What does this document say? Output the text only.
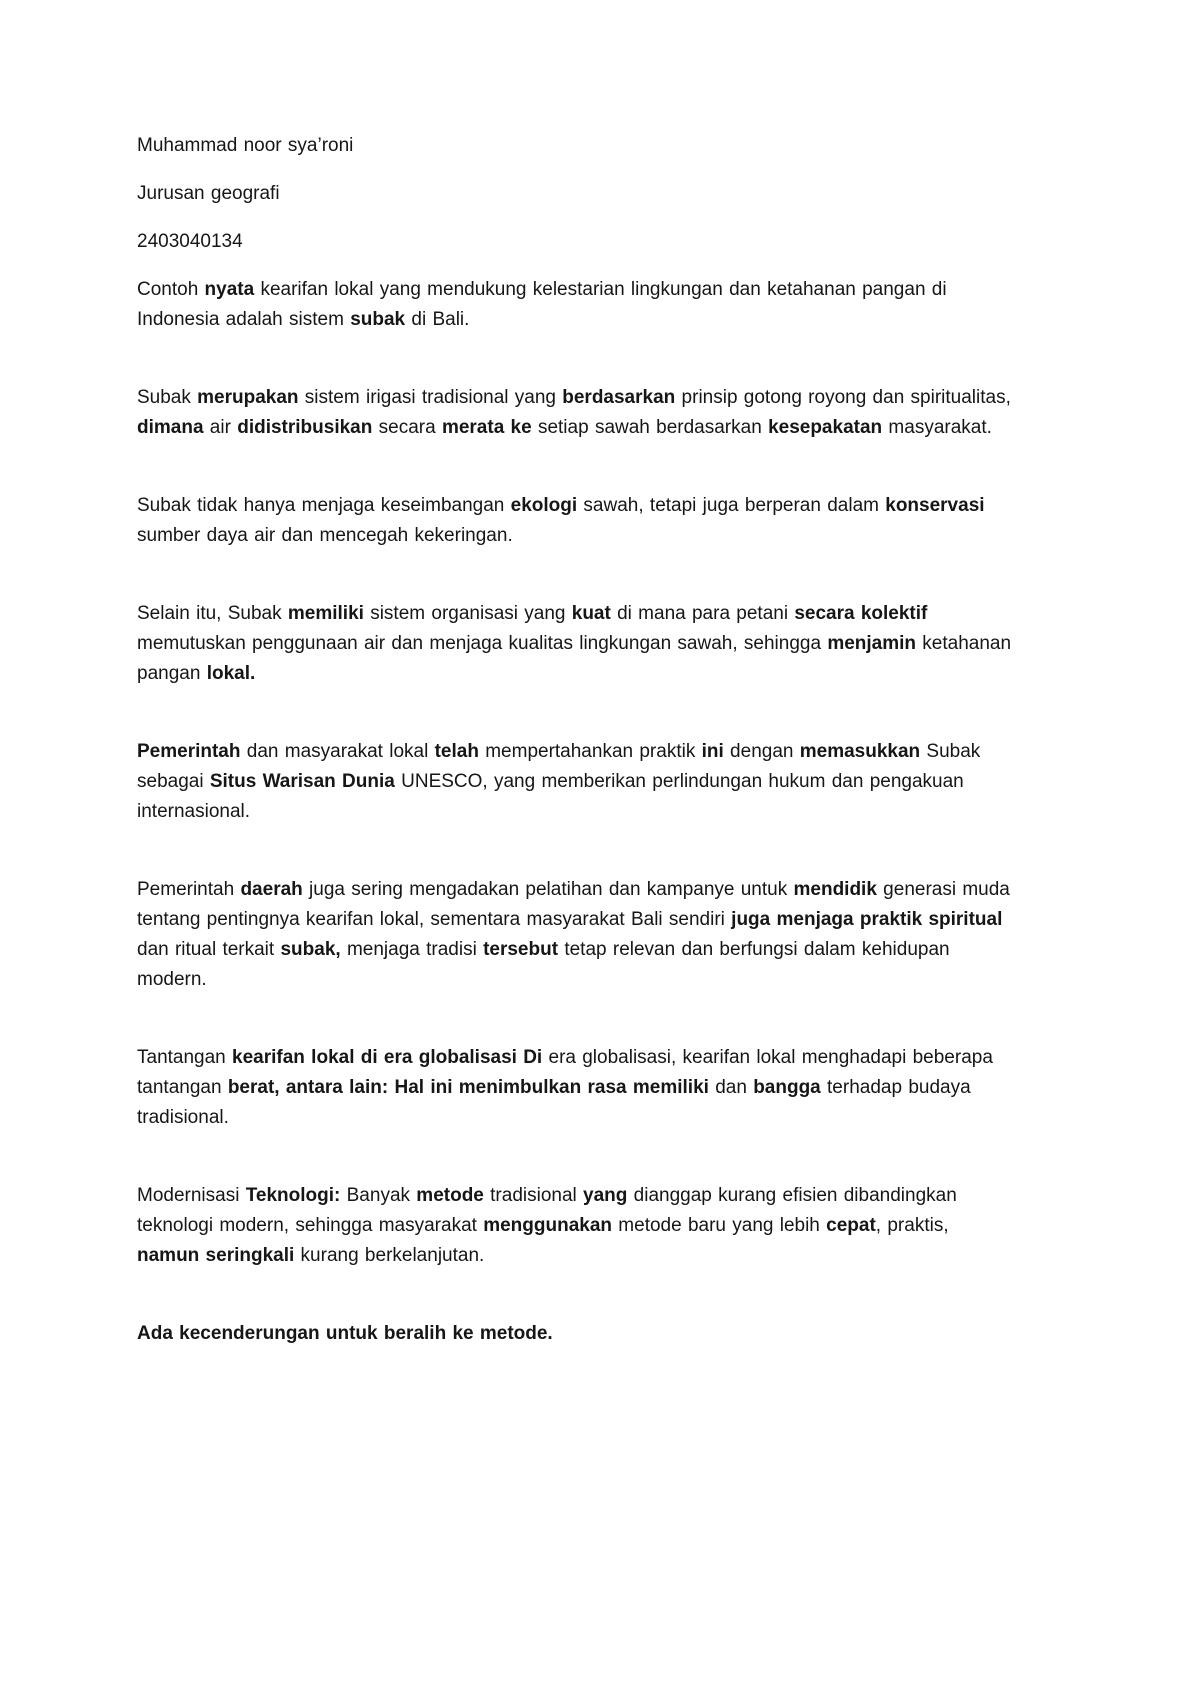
Muhammad noor sya’roni

Jurusan geografi

2403040134

Contoh nyata kearifan lokal yang mendukung kelestarian lingkungan dan ketahanan pangan di Indonesia adalah sistem subak di Bali.

Subak merupakan sistem irigasi tradisional yang berdasarkan prinsip gotong royong dan spiritualitas, dimana air didistribusikan secara merata ke setiap sawah berdasarkan kesepakatan masyarakat.

Subak tidak hanya menjaga keseimbangan ekologi sawah, tetapi juga berperan dalam konservasi sumber daya air dan mencegah kekeringan.

Selain itu, Subak memiliki sistem organisasi yang kuat di mana para petani secara kolektif memutuskan penggunaan air dan menjaga kualitas lingkungan sawah, sehingga menjamin ketahanan pangan lokal.

Pemerintah dan masyarakat lokal telah mempertahankan praktik ini dengan memasukkan Subak sebagai Situs Warisan Dunia UNESCO, yang memberikan perlindungan hukum dan pengakuan internasional.

Pemerintah daerah juga sering mengadakan pelatihan dan kampanye untuk mendidik generasi muda tentang pentingnya kearifan lokal, sementara masyarakat Bali sendiri juga menjaga praktik spiritual dan ritual terkait subak, menjaga tradisi tersebut tetap relevan dan berfungsi dalam kehidupan modern.

Tantangan kearifan lokal di era globalisasi Di era globalisasi, kearifan lokal menghadapi beberapa tantangan berat, antara lain: Hal ini menimbulkan rasa memiliki dan bangga terhadap budaya tradisional.

Modernisasi Teknologi: Banyak metode tradisional yang dianggap kurang efisien dibandingkan teknologi modern, sehingga masyarakat menggunakan metode baru yang lebih cepat, praktis, namun seringkali kurang berkelanjutan.

Ada kecenderungan untuk beralih ke metode.
